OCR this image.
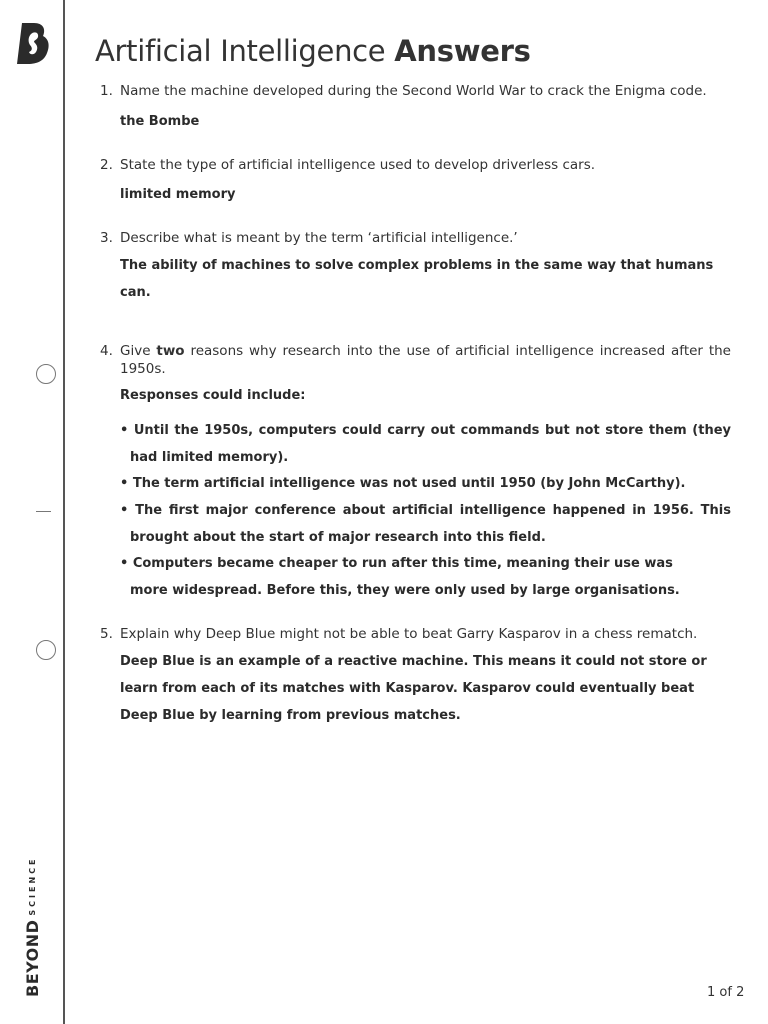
BEYONDSCIENCE
Artificial Intelligence Answers
1. Name the machine developed during the Second World War to crack the Enigma code.
the Bombe
2. State the type of artificial intelligence used to develop driverless cars.
limited memory
3. Describe what is meant by the term ‘artificial intelligence.’
The ability of machines to solve complex problems in the same way that humans can.
4. Give two reasons why research into the use of artificial intelligence increased after the 1950s.
Responses could include:
• Until the 1950s, computers could carry out commands but not store them (they had limited memory).
• The term artificial intelligence was not used until 1950 (by John McCarthy).
• The first major conference about artificial intelligence happened in 1956. This brought about the start of major research into this field.
• Computers became cheaper to run after this time, meaning their use was more widespread. Before this, they were only used by large organisations.
5. Explain why Deep Blue might not be able to beat Garry Kasparov in a chess rematch.
Deep Blue is an example of a reactive machine. This means it could not store or learn from each of its matches with Kasparov. Kasparov could eventually beat Deep Blue by learning from previous matches.
1 of 2
